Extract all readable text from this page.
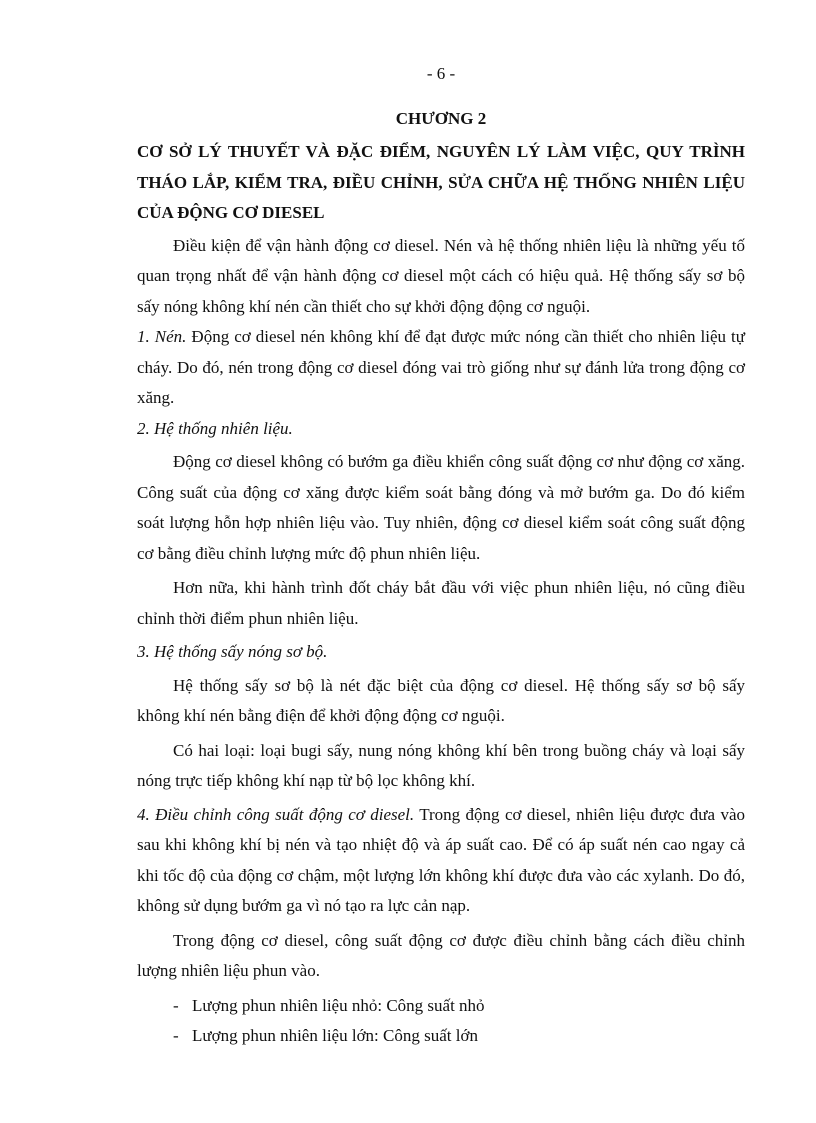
- 6 -
CHƯƠNG 2
CƠ SỞ LÝ THUYẾT VÀ ĐẶC ĐIỂM, NGUYÊN LÝ LÀM VIỆC, QUY TRÌNH THÁO LẮP, KIỂM TRA, ĐIỀU CHỈNH, SỬA CHỮA HỆ THỐNG NHIÊN LIỆU CỦA ĐỘNG CƠ DIESEL

Điều kiện để vận hành động cơ diesel. Nén và hệ thống nhiên liệu là những yếu tố quan trọng nhất để vận hành động cơ diesel một cách có hiệu quả. Hệ thống sấy sơ bộ sấy nóng không khí nén cần thiết cho sự khởi động động cơ nguội.

1. Nén. Động cơ diesel nén không khí để đạt được mức nóng cần thiết cho nhiên liệu tự cháy. Do đó, nén trong động cơ diesel đóng vai trò giống như sự đánh lửa trong động cơ xăng.

2. Hệ thống nhiên liệu.

Động cơ diesel không có bướm ga điều khiển công suất động cơ như động cơ xăng. Công suất của động cơ xăng được kiểm soát bằng đóng và mở bướm ga. Do đó kiểm soát lượng hỗn hợp nhiên liệu vào. Tuy nhiên, động cơ diesel kiểm soát công suất động cơ bằng điều chỉnh lượng mức độ phun nhiên liệu.

Hơn nữa, khi hành trình đốt cháy bắt đầu với việc phun nhiên liệu, nó cũng điều chỉnh thời điểm phun nhiên liệu.

3. Hệ thống sấy nóng sơ bộ.

Hệ thống sấy sơ bộ là nét đặc biệt của động cơ diesel. Hệ thống sấy sơ bộ sấy không khí nén bằng điện để khởi động động cơ nguội.

Có hai loại: loại bugi sấy, nung nóng không khí bên trong buồng cháy và loại sấy nóng trực tiếp không khí nạp từ bộ lọc không khí.

4. Điều chỉnh công suất động cơ diesel. Trong động cơ diesel, nhiên liệu được đưa vào sau khi không khí bị nén và tạo nhiệt độ và áp suất cao. Để có áp suất nén cao ngay cả khi tốc độ của động cơ chậm, một lượng lớn không khí được đưa vào các xylanh. Do đó, không sử dụng bướm ga vì nó tạo ra lực cản nạp.

Trong động cơ diesel, công suất động cơ được điều chỉnh bằng cách điều chỉnh lượng nhiên liệu phun vào.

- Lượng phun nhiên liệu nhỏ: Công suất nhỏ
- Lượng phun nhiên liệu lớn: Công suất lớn
